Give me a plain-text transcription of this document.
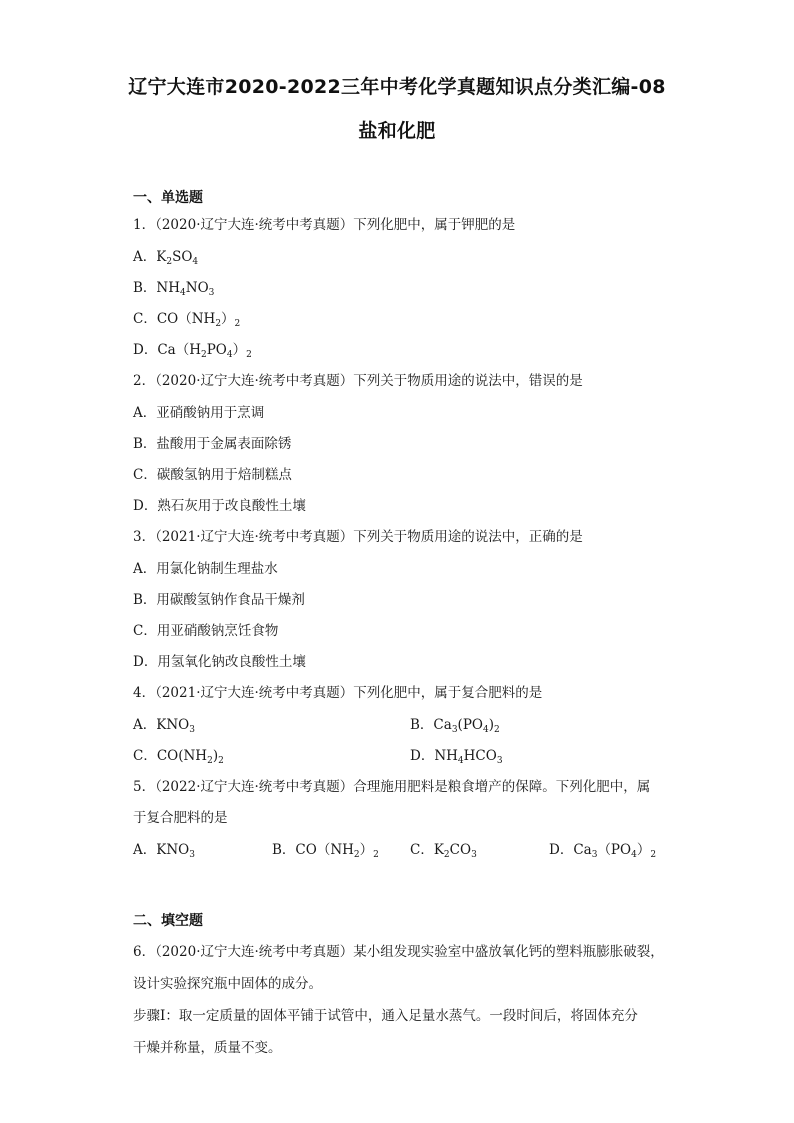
辽宁大连市2020-2022三年中考化学真题知识点分类汇编-08
盐和化肥
一、单选题
1．（2020·辽宁大连·统考中考真题）下列化肥中，属于钾肥的是
A．$K_2SO_4$
B．$NH_4NO_3$
C．$CO(NH_2)_2$
D．$Ca(H_2PO_4)_2$
2．（2020·辽宁大连·统考中考真题）下列关于物质用途的说法中，错误的是
A．亚硝酸钠用于烹调
B．盐酸用于金属表面除锈
C．碳酸氢钠用于焙制糕点
D．熟石灰用于改良酸性土壤
3．（2021·辽宁大连·统考中考真题）下列关于物质用途的说法中，正确的是
A．用氯化钠制生理盐水
B．用碳酸氢钠作食品干燥剂
C．用亚硝酸钠烹饪食物
D．用氢氧化钠改良酸性土壤
4．（2021·辽宁大连·统考中考真题）下列化肥中，属于复合肥料的是
A．$KNO_3$	B．$Ca_3(PO_4)_2$
C．$CO(NH_2)_2$	D．$NH_4HCO_3$
5．（2022·辽宁大连·统考中考真题）合理施用肥料是粮食增产的保障。下列化肥中，属
于复合肥料的是
A．$KNO_3$	B．$CO(NH_2)_2$ C．$K_2CO_3$	D．$Ca_3(PO_4)_2$
二、填空题
6．（2020·辽宁大连·统考中考真题）某小组发现实验室中盛放氧化钙的塑料瓶膨胀破裂，
设计实验探究瓶中固体的成分。
步骤Ⅰ：取一定质量的固体平铺于试管中，通入足量水蒸气。一段时间后，将固体充分
干燥并称量，质量不变。
